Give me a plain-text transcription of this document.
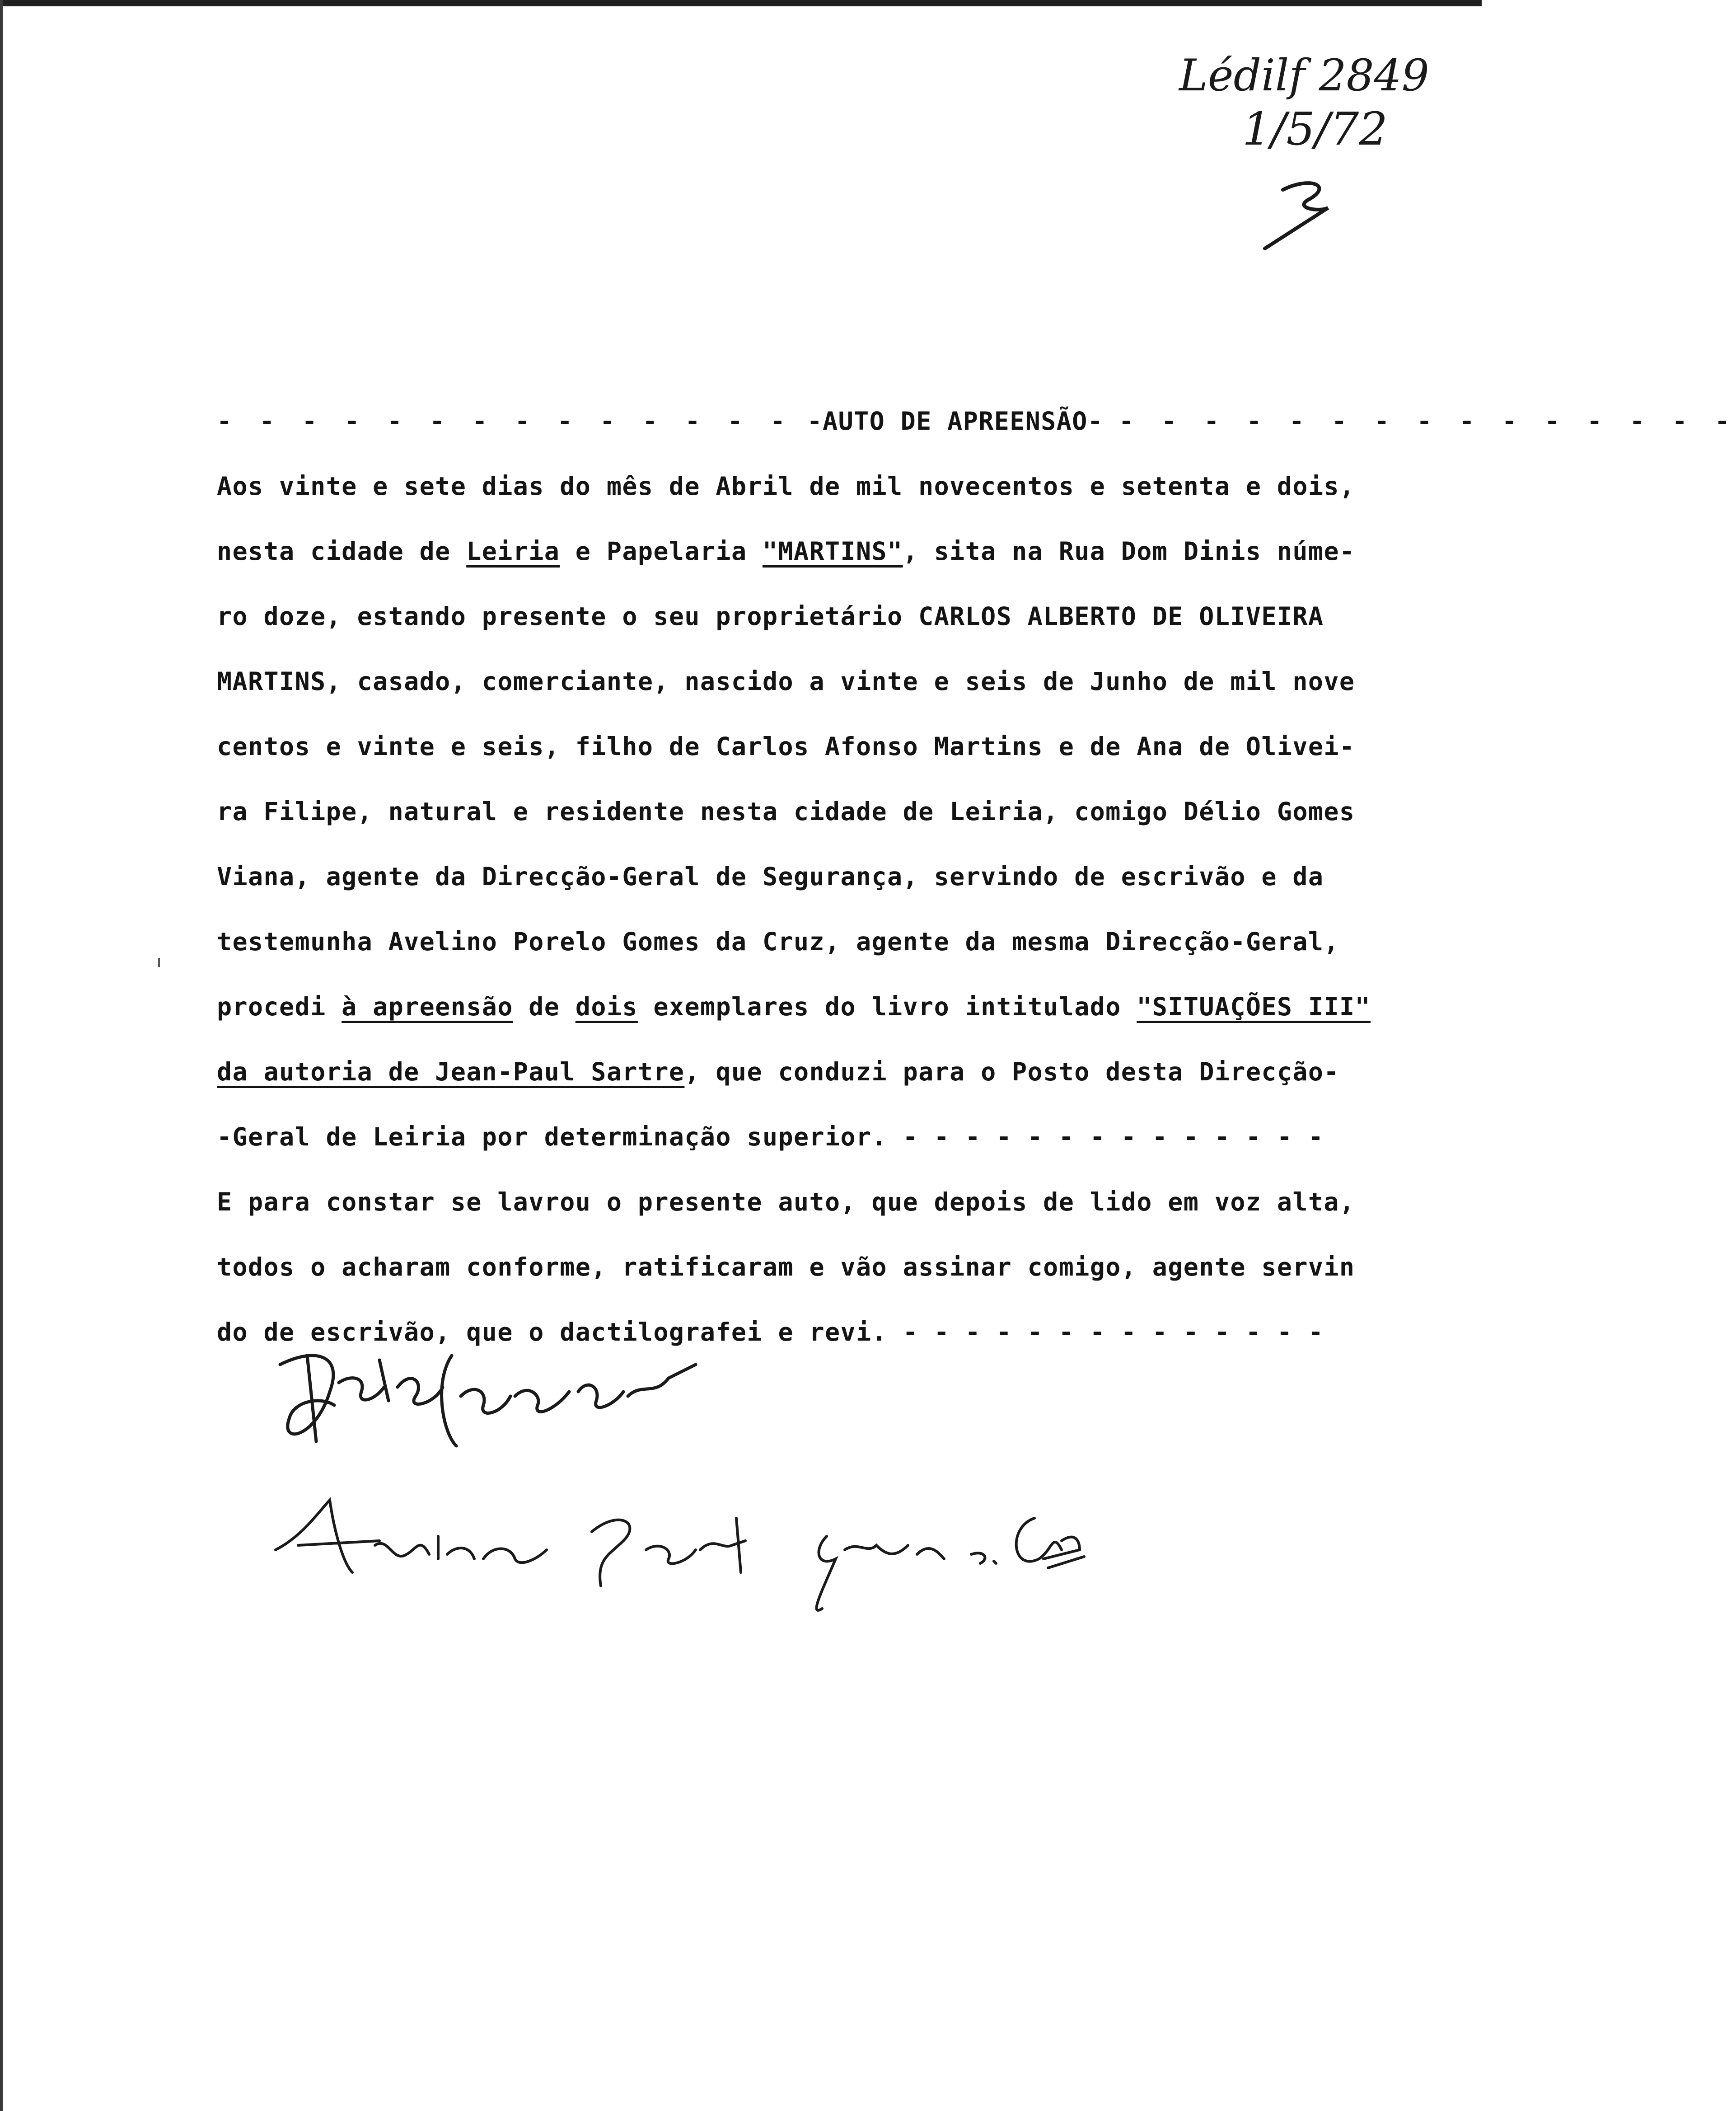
Lédilf 2849
1/5/72
- - - - - - - - - - - - - - -AUTO DE APREENSÃO- - - - - - - - - - - - - - - -
Aos vinte e sete dias do mês de Abril de mil novecentos e setenta e dois,
nesta cidade de Leiria e Papelaria "MARTINS", sita na Rua Dom Dinis núme-
ro doze, estando presente o seu proprietário CARLOS ALBERTO DE OLIVEIRA
MARTINS, casado, comerciante, nascido a vinte e seis de Junho de mil nove
centos e vinte e seis, filho de Carlos Afonso Martins e de Ana de Olivei-
ra Filipe, natural e residente nesta cidade de Leiria, comigo Délio Gomes
Viana, agente da Direcção-Geral de Segurança, servindo de escrivão e da
testemunha Avelino Porelo Gomes da Cruz, agente da mesma Direcção-Geral,
procedi à apreensão de dois exemplares do livro intitulado "SITUAÇÕES III"
da autoria de Jean-Paul Sartre, que conduzi para o Posto desta Direcção-
-Geral de Leiria por determinação superior. - - - - - - - - - - - - - -
E para constar se lavrou o presente auto, que depois de lido em voz alta,
todos o acharam conforme, ratificaram e vão assinar comigo, agente servin
do de escrivão, que o dactilografei e revi. - - - - - - - - - - - - - -
